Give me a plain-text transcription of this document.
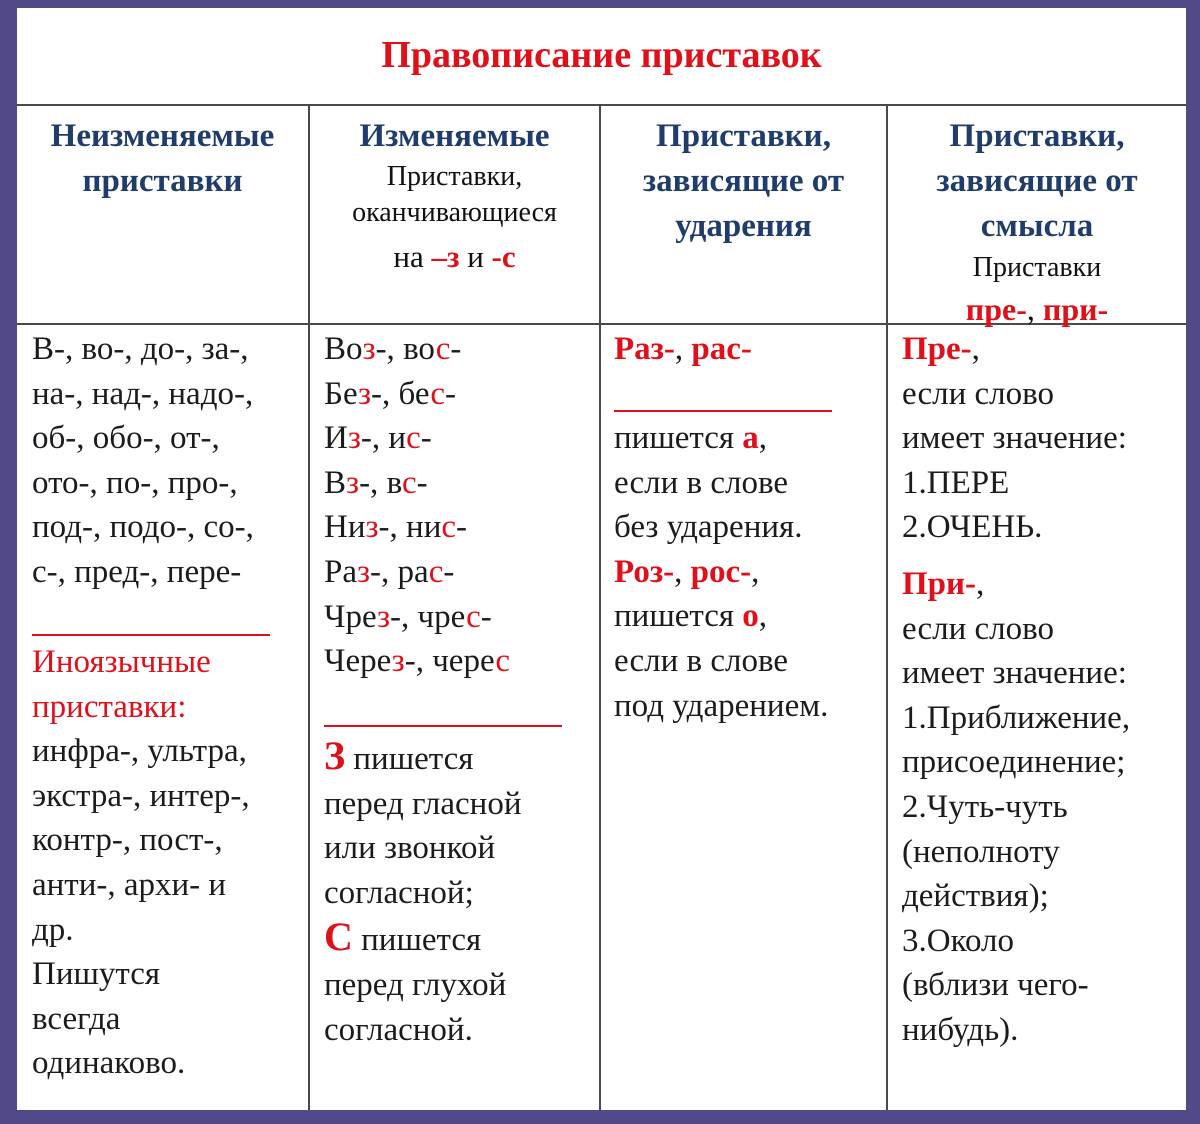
Правописание приставок
Неизменяемые
приставки
Изменяемые
Приставки,
оканчивающиеся
на –з и -с
Приставки,
зависящие от
ударения
Приставки,
зависящие от
смысла
Приставки
пре-, при-
В-, во-, до-, за-,
на-, над-, надо-,
об-, обо-, от-,
ото-, по-, про-,
под-, подо-, со-,
с-, пред-, пере-
Иноязычные
приставки:
инфра-, ультра,
экстра-, интер-,
контр-, пост-,
анти-, архи- и
др.
Пишутся
всегда
одинаково.
Воз-, вос-
Без-, бес-
Из-, ис-
Вз-, вс-
Низ-, нис-
Раз-, рас-
Чрез-, чрес-
Через-, черес
З пишется
перед гласной
или звонкой
согласной;
С пишется
перед глухой
согласной.
Раз-, рас-
пишется а,
если в слове
без ударения.
Роз-, рос-,
пишется о,
если в слове
под ударением.
Пре-,
если слово
имеет значение:
1.ПЕРЕ
2.ОЧЕНЬ.
При-,
если слово
имеет значение:
1.Приближение,
присоединение;
2.Чуть-чуть
(неполноту
действия);
3.Около
(вблизи чего-
нибудь).
